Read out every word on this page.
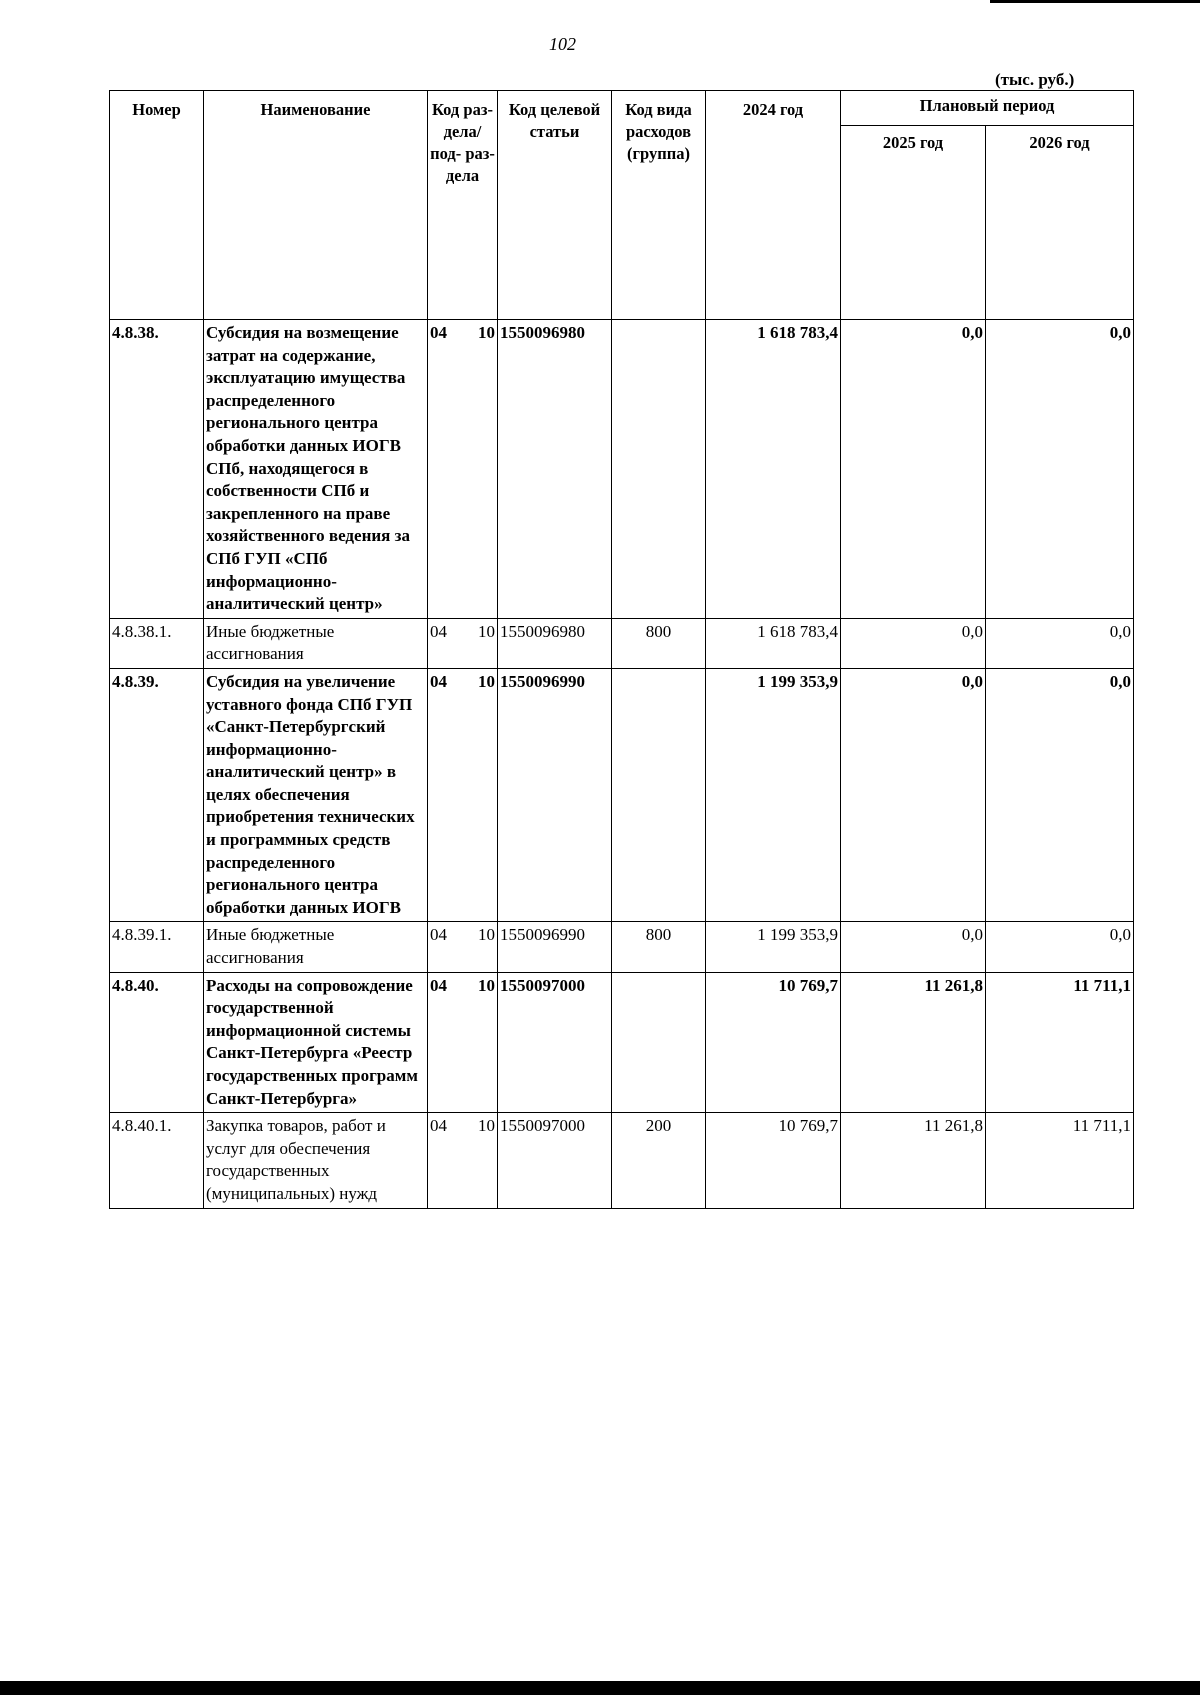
102
(тыс. руб.)
Номер	Наименование	Код раз- дела/ под- раз- дела	Код целевой статьи	Код вида расходов (группа)	2024 год	Плановый период	
						2025 год	2026 год
4.8.38.	Субсидия на возмещение затрат на содержание, эксплуатацию имущества распределенного регионального центра обработки данных ИОГВ СПб, находящегося в собственности СПб и закрепленного на праве хозяйственного ведения за СПб ГУП «СПб информационно-аналитический центр»	04 10	1550096980		1 618 783,4	0,0	0,0
4.8.38.1.	Иные бюджетные ассигнования	04 10	1550096980	800	1 618 783,4	0,0	0,0
4.8.39.	Субсидия на увеличение уставного фонда СПб ГУП «Санкт-Петербургский информационно-аналитический центр» в целях обеспечения приобретения технических и программных средств распределенного регионального центра обработки данных ИОГВ	04 10	1550096990		1 199 353,9	0,0	0,0
4.8.39.1.	Иные бюджетные ассигнования	04 10	1550096990	800	1 199 353,9	0,0	0,0
4.8.40.	Расходы на сопровождение государственной информационной системы Санкт-Петербурга «Реестр государственных программ Санкт-Петербурга»	04 10	1550097000		10 769,7	11 261,8	11 711,1
4.8.40.1.	Закупка товаров, работ и услуг для обеспечения государственных (муниципальных) нужд	04 10	1550097000	200	10 769,7	11 261,8	11 711,1
